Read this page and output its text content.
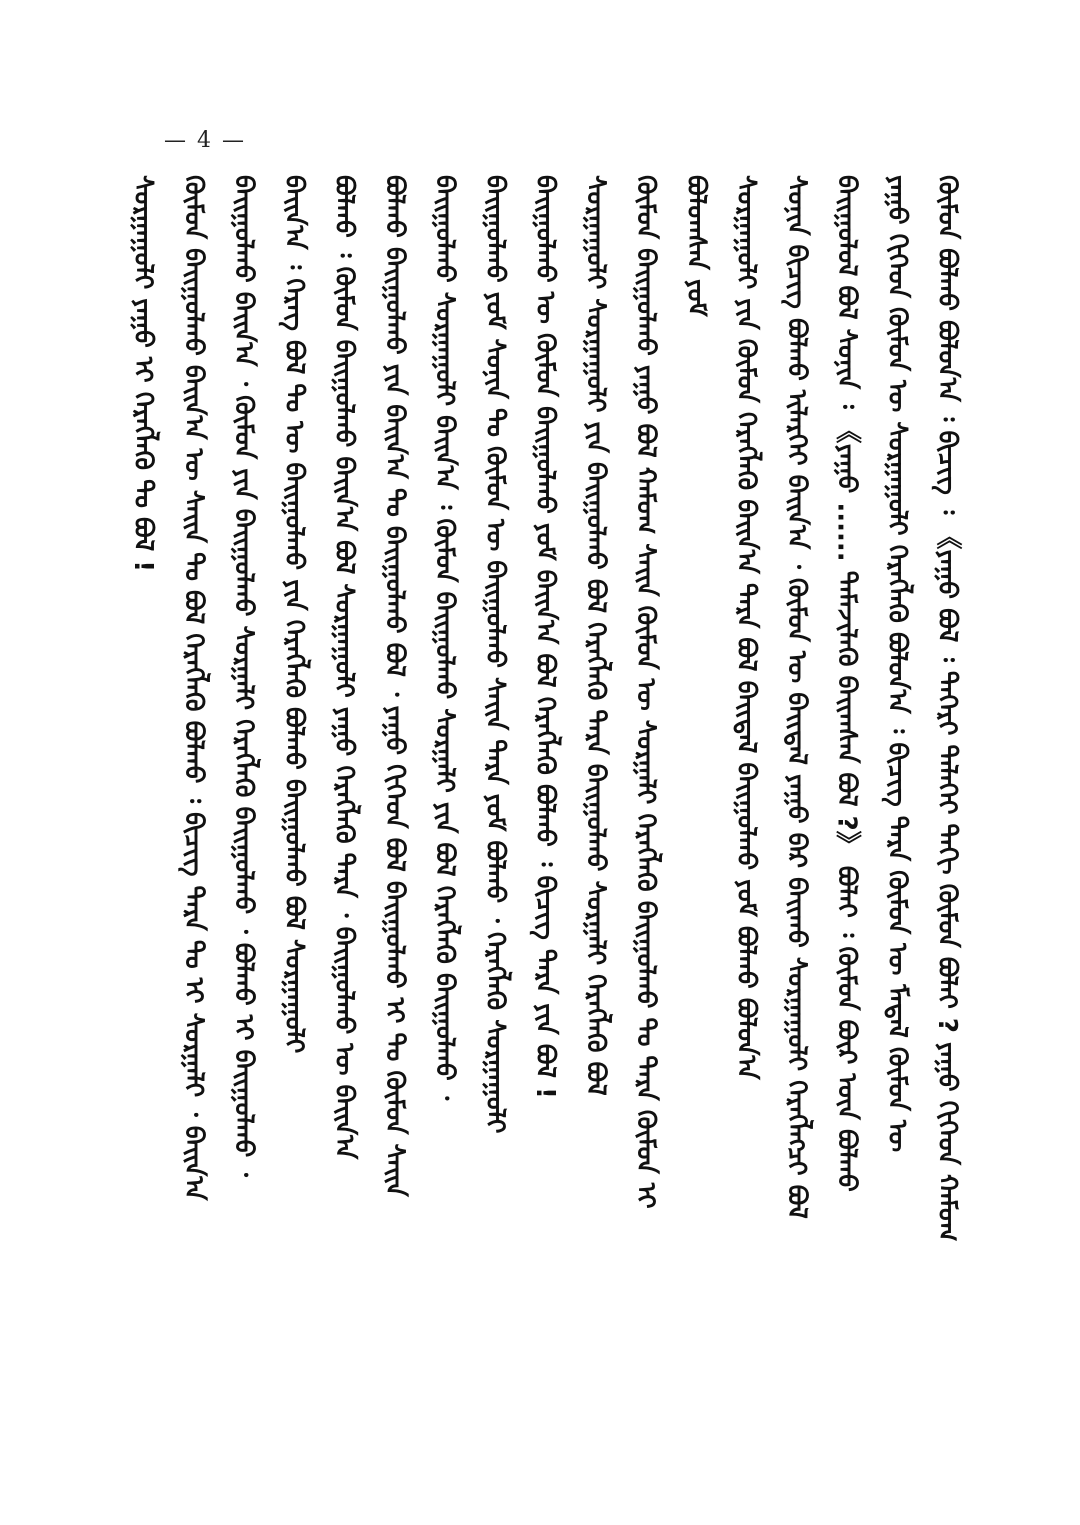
— 4 —
ᠬᠦᠮᠦᠨ ᠪᠣᠯᠬᠤ ᠪᠣᠯᠣᠨ᠎ᠠ ᠄ ᠪᠢᠴᠢᠭ ᠄ 《ᠶᠠᠭᠤ ᠪᠣᠯ ᠄ ᠲᠡᠭᠡᠷᠢ ᠳᠡᠯᠡᠬᠡᠢ ᠳᠠᠬᠢ ᠬᠦᠮᠦᠨ ᠪᠣᠯᠠᠢ ? ᠶᠠᠭᠤ ᠬᠢᠭᠡᠳ ᠬᠠᠮᠤᠭ
ᠶᠠᠭᠤ ᠬᠢᠭᠡᠳ ᠬᠦᠮᠦᠨ ᠦ ᠰᠤᠷᠭᠠᠭᠤᠯᠢ ᠬᠡᠷᠡᠭᠯᠡᠬᠦ ᠪᠣᠯᠤᠨ᠎ᠠ ᠄ ᠪᠢᠴᠢᠭ ᠲᠡᠷᠡ ᠬᠦᠮᠦᠨ ᠦ ᠮᠡᠳᠡᠯ ᠬᠦᠮᠦᠨ ᠦ
ᠪᠠᠢᠭᠤᠯᠤᠯ ᠪᠣᠯ ᠰᠣᠨᠢᠨ ᠄ 《ᠶᠠᠭᠤ ...... ᠳᠡᠮᠡᠵᠢᠯᠡᠬᠦ ᠪᠠᠢᠭᠰᠠᠨ ᠪᠣᠯ ?》 ᠪᠣᠯᠠᠢ ᠄ ᠬᠦᠮᠦᠨ ᠪᠦᠷ ᠦᠨ ᠪᠣᠯᠬᠤ
ᠰᠣᠨᠢᠨ ᠪᠢᠴᠢᠭ ᠪᠣᠯᠬᠤ ᠢᠯᠡᠷᠬᠡᠢ ᠪᠠᠢᠨ᠎ᠠ ᠂ ᠬᠦᠮᠦᠨ ᠦ ᠪᠠᠢᠳᠠᠯ ᠶᠠᠭᠤ ᠪᠡᠷ ᠪᠠᠢᠬᠤ ᠰᠤᠷᠭᠠᠭᠤᠯᠢ ᠬᠡᠷᠡᠭᠯᠡᠭᠴᠢ ᠪᠣᠯ
ᠰᠤᠷᠭᠠᠭᠤᠯᠢ ᠶᠢᠨ ᠬᠦᠮᠦᠨ ᠬᠡᠷᠡᠭᠯᠡᠬᠦ ᠪᠠᠢᠨ᠎ᠠ ᠲᠡᠷᠡ ᠪᠣᠯ ᠪᠠᠢᠳᠠᠯ ᠪᠠᠢᠭᠤᠯᠬᠤ ᠶᠤᠮ ᠪᠣᠯᠬᠤ ᠪᠣᠯᠤᠨ᠎ᠠ
ᠪᠣᠯᠤᠭᠰᠠᠨ ᠶᠤᠮ
ᠬᠦᠮᠦᠨ ᠪᠠᠢᠭᠤᠯᠬᠤ ᠶᠠᠭᠤ ᠪᠣᠯ ᠬᠠᠮᠤᠭ ᠰᠠᠢᠨ ᠬᠦᠮᠦᠨ ᠦ ᠰᠤᠷᠭᠠᠯᠢ ᠬᠡᠷᠡᠭᠯᠡᠬᠦ ᠪᠠᠢᠭᠤᠯᠬᠤ ᠲᠤ ᠲᠡᠷᠡ ᠬᠦᠮᠦᠨ ᠢ
ᠰᠤᠷᠭᠠᠭᠤᠯᠢ ᠰᠤᠷᠭᠠᠭᠤᠯᠢ ᠶᠢᠨ ᠪᠠᠢᠭᠤᠯᠬᠤ ᠪᠣᠯ ᠬᠡᠷᠡᠭᠯᠡᠬᠦ ᠲᠡᠷᠡ ᠪᠠᠢᠭᠤᠯᠬᠤ ᠰᠤᠷᠭᠠᠯᠢ ᠬᠡᠷᠡᠭᠯᠡᠬᠦ ᠪᠣᠯ
ᠪᠠᠢᠭᠤᠯᠬᠤ ᠦ ᠬᠦᠮᠦᠨ ᠪᠠᠢᠭᠤᠯᠬᠤ ᠶᠤᠮ ᠪᠠᠢᠨ᠎ᠠ ᠪᠣᠯ ᠬᠡᠷᠡᠭᠯᠡᠬᠦ ᠪᠣᠯᠬᠤ ᠄ ᠪᠢᠴᠢᠭ ᠲᠡᠷᠡ ᠶᠢᠨ ᠪᠣᠯ !
ᠪᠠᠢᠭᠤᠯᠬᠤ ᠶᠤᠮ ᠰᠣᠨᠢᠨ ᠲᠤ ᠬᠦᠮᠦᠨ ᠦ ᠪᠠᠢᠭᠤᠯᠬᠤ ᠰᠠᠢᠨ ᠲᠡᠷᠡ ᠶᠤᠮ ᠪᠣᠯᠬᠤ ᠂ ᠬᠡᠷᠡᠭᠯᠡᠬᠦ ᠰᠤᠷᠭᠠᠭᠤᠯᠢ
ᠪᠠᠢᠭᠤᠯᠬᠤ ᠰᠤᠷᠭᠠᠭᠤᠯᠢ ᠪᠠᠢᠨ᠎ᠠ ᠄ ᠬᠦᠮᠦᠨ ᠪᠠᠢᠭᠤᠯᠬᠤ ᠰᠤᠷᠭᠠᠯᠢ ᠶᠢᠨ ᠪᠣᠯ ᠬᠡᠷᠡᠭᠯᠡᠬᠦ ᠪᠠᠢᠭᠤᠯᠬᠤ ᠂
ᠪᠣᠯᠬᠤ ᠪᠠᠢᠭᠤᠯᠬᠤ ᠶᠢᠨ ᠪᠠᠢᠨ᠎ᠠ ᠲᠤ ᠪᠠᠢᠭᠤᠯᠬᠤ ᠪᠣᠯ ᠂ ᠶᠠᠭᠤ ᠬᠢᠭᠡᠳ ᠪᠣᠯ ᠪᠠᠢᠭᠤᠯᠬᠤ ᠢ ᠲᠤ ᠬᠦᠮᠦᠨ ᠰᠠᠢᠨ
ᠪᠣᠯᠬᠤ ᠄ ᠬᠦᠮᠦᠨ ᠪᠠᠢᠭᠤᠯᠬᠤ ᠪᠠᠢᠨ᠎ᠠ ᠪᠣᠯ ᠰᠤᠷᠭᠠᠭᠤᠯᠢ ᠶᠠᠭᠤ ᠬᠡᠷᠡᠭᠯᠡᠬᠦ ᠲᠡᠷᠡ ᠂ ᠪᠠᠢᠭᠤᠯᠬᠤ ᠦ ᠪᠠᠢᠨ᠎ᠠ
ᠪᠠᠢᠨ᠎ᠠ ᠄ ᠬᠡᠷᠡᠭ ᠪᠣᠯ ᠲᠤ ᠦ ᠪᠠᠢᠭᠤᠯᠬᠤ ᠶᠢᠨ ᠬᠡᠷᠡᠭᠯᠡᠬᠦ ᠪᠣᠯᠬᠤ ᠪᠠᠢᠭᠤᠯᠬᠤ ᠪᠣᠯ ᠰᠤᠷᠭᠠᠭᠤᠯᠢ
ᠪᠠᠢᠭᠤᠯᠬᠤ ᠪᠠᠢᠨ᠎ᠠ ᠂ ᠬᠦᠮᠦᠨ ᠶᠢᠨ ᠪᠠᠢᠭᠤᠯᠬᠤ ᠰᠤᠷᠭᠠᠯᠢ ᠬᠡᠷᠡᠭᠯᠡᠬᠦ ᠪᠠᠢᠭᠤᠯᠬᠤ ᠂ ᠪᠣᠯᠬᠤ ᠢ ᠪᠠᠢᠭᠤᠯᠬᠤ ᠂
ᠬᠦᠮᠦᠨ ᠪᠠᠢᠭᠤᠯᠬᠤ ᠪᠠᠢᠨ᠎ᠠ ᠦ ᠰᠠᠢᠨ ᠲᠤ ᠪᠣᠯ ᠬᠡᠷᠡᠭᠯᠡᠬᠦ ᠪᠣᠯᠬᠤ ᠄ ᠪᠢᠴᠢᠭ ᠲᠡᠷᠡ ᠲᠤ ᠢ ᠰᠤᠷᠭᠠᠯᠢ ᠂ ᠪᠠᠢᠨ᠎ᠠ
ᠰᠤᠷᠭᠠᠭᠤᠯᠢ ᠶᠠᠭᠤ ᠢ ᠬᠡᠷᠡᠭᠯᠡᠬᠦ ᠲᠤ ᠪᠣᠯ !
